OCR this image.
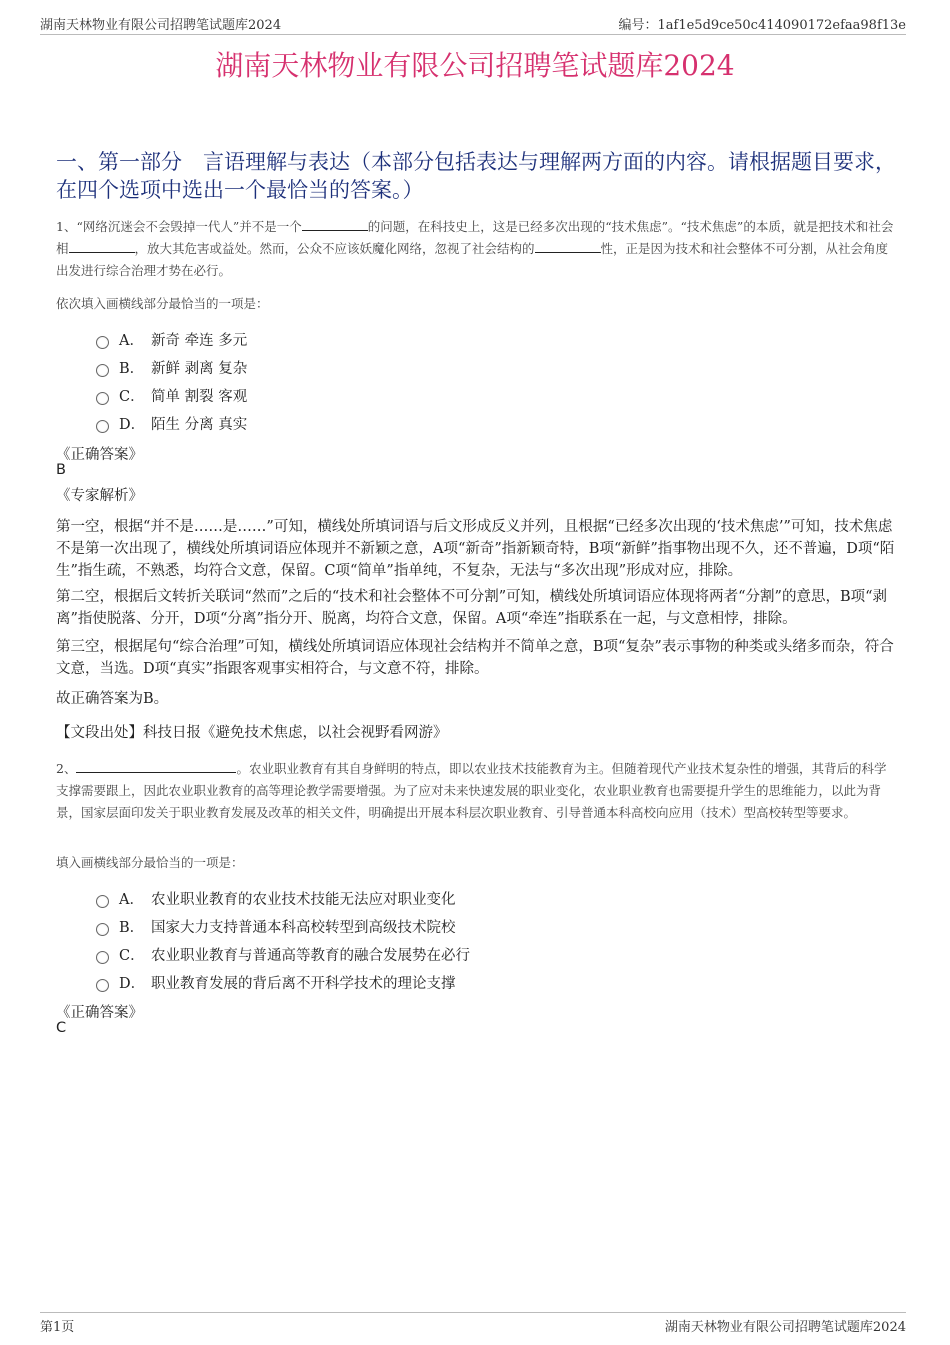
湖南天林物业有限公司招聘笔试题库2024	编号：1af1e5d9ce50c414090172efaa98f13e
湖南天林物业有限公司招聘笔试题库2024
一、第一部分　言语理解与表达（本部分包括表达与理解两方面的内容。请根据题目要求，在四个选项中选出一个最恰当的答案。）
1、“网络沉迷会不会毁掉一代人”并不是一个	的问题，在科技史上，这是已经多次出现的“技术焦虑”。“技术焦虑”的本质，就是把技术和社会相	，放大其危害或益处。然而，公众不应该妖魔化网络，忽视了社会结构的	性，正是因为技术和社会整体不可分割，从社会角度出发进行综合治理才势在必行。
依次填入画横线部分最恰当的一项是：
A． 新奇 牵连 多元
B． 新鲜 剥离 复杂
C． 简单 割裂 客观
D． 陌生 分离 真实
《正确答案》
B
《专家解析》
第一空，根据“并不是……是……”可知，横线处所填词语与后文形成反义并列，且根据“已经多次出现的‘技术焦虑’”可知，技术焦虑不是第一次出现了，横线处所填词语应体现并不新颖之意，A项“新奇”指新颖奇特，B项“新鲜”指事物出现不久，还不普遍，D项“陌生”指生疏，不熟悉，均符合文意，保留。C项“简单”指单纯，不复杂，无法与“多次出现”形成对应，排除。
第二空，根据后文转折关联词“然而”之后的“技术和社会整体不可分割”可知，横线处所填词语应体现将两者“分割”的意思，B项“剥离”指使脱落、分开，D项“分离”指分开、脱离，均符合文意，保留。A项“牵连”指联系在一起，与文意相悖，排除。
第三空，根据尾句“综合治理”可知，横线处所填词语应体现社会结构并不简单之意，B项“复杂”表示事物的种类或头绪多而杂，符合文意，当选。D项“真实”指跟客观事实相符合，与文意不符，排除。
故正确答案为B。
【文段出处】科技日报《避免技术焦虑，以社会视野看网游》
2、	。农业职业教育有其自身鲜明的特点，即以农业技术技能教育为主。但随着现代产业技术复杂性的增强，其背后的科学支撑需要跟上，因此农业职业教育的高等理论教学需要增强。为了应对未来快速发展的职业变化，农业职业教育也需要提升学生的思维能力，以此为背景，国家层面印发关于职业教育发展及改革的相关文件，明确提出开展本科层次职业教育、引导普通本科高校向应用（技术）型高校转型等要求。
填入画横线部分最恰当的一项是：
A． 农业职业教育的农业技术技能无法应对职业变化
B． 国家大力支持普通本科高校转型到高级技术院校
C． 农业职业教育与普通高等教育的融合发展势在必行
D． 职业教育发展的背后离不开科学技术的理论支撑
《正确答案》
C
第1页	湖南天林物业有限公司招聘笔试题库2024
